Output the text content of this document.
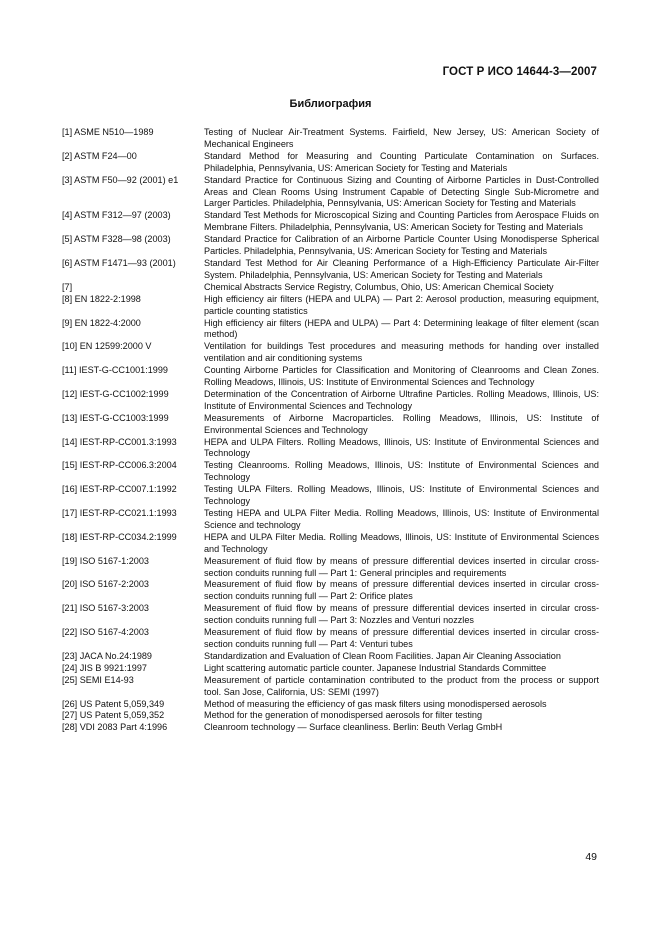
ГОСТ Р ИСО 14644-3—2007
Библиография
[1] ASME N510—1989	Testing of Nuclear Air-Treatment Systems. Fairfield, New Jersey, US: American Society of Mechanical Engineers
[2] ASTM F24—00	Standard Method for Measuring and Counting Particulate Contamination on Surfaces. Philadelphia, Pennsylvania, US: American Society for Testing and Materials
[3] ASTM F50—92 (2001) e1	Standard Practice for Continuous Sizing and Counting of Airborne Particles in Dust-Controlled Areas and Clean Rooms Using Instrument Capable of Detecting Single Sub-Micrometre and Larger Particles. Philadelphia, Pennsylvania, US: American Society for Testing and Materials
[4] ASTM F312—97 (2003)	Standard Test Methods for Microscopical Sizing and Counting Particles from Aerospace Fluids on Membrane Filters. Philadelphia, Pennsylvania, US: American Society for Testing and Materials
[5] ASTM F328—98 (2003)	Standard Practice for Calibration of an Airborne Particle Counter Using Monodisperse Spherical Particles. Philadelphia, Pennsylvania, US: American Society for Testing and Materials
[6] ASTM F1471—93 (2001)	Standard Test Method for Air Cleaning Performance of a High-Efficiency Particulate Air-Filter System. Philadelphia, Pennsylvania, US: American Society for Testing and Materials
[7]	Chemical Abstracts Service Registry, Columbus, Ohio, US: American Chemical Society
[8] EN 1822-2:1998	High efficiency air filters (HEPA and ULPA) — Part 2: Aerosol production, measuring equipment, particle counting statistics
[9] EN 1822-4:2000	High efficiency air filters (HEPA and ULPA) — Part 4: Determining leakage of filter element (scan method)
[10] EN 12599:2000 V	Ventilation for buildings Test procedures and measuring methods for handing over installed ventilation and air conditioning systems
[11] IEST-G-CC1001:1999	Counting Airborne Particles for Classification and Monitoring of Cleanrooms and Clean Zones. Rolling Meadows, Illinois, US: Institute of Environmental Sciences and Technology
[12] IEST-G-CC1002:1999	Determination of the Concentration of Airborne Ultrafine Particles. Rolling Meadows, Illinois, US: Institute of Environmental Sciences and Technology
[13] IEST-G-CC1003:1999	Measurements of Airborne Macroparticles. Rolling Meadows, Illinois, US: Institute of Environmental Sciences and Technology
[14] IEST-RP-CC001.3:1993	HEPA and ULPA Filters. Rolling Meadows, Illinois, US: Institute of Environmental Sciences and Technology
[15] IEST-RP-CC006.3:2004	Testing Cleanrooms. Rolling Meadows, Illinois, US: Institute of Environmental Sciences and Technology
[16] IEST-RP-CC007.1:1992	Testing ULPA Filters. Rolling Meadows, Illinois, US: Institute of Environmental Sciences and Technology
[17] IEST-RP-CC021.1:1993	Testing HEPA and ULPA Filter Media. Rolling Meadows, Illinois, US: Institute of Environmental Science and technology
[18] IEST-RP-CC034.2:1999	HEPA and ULPA Filter Media. Rolling Meadows, Illinois, US: Institute of Environmental Sciences and Technology
[19] ISO 5167-1:2003	Measurement of fluid flow by means of pressure differential devices inserted in circular cross-section conduits running full — Part 1: General principles and requirements
[20] ISO 5167-2:2003	Measurement of fluid flow by means of pressure differential devices inserted in circular cross-section conduits running full — Part 2: Orifice plates
[21] ISO 5167-3:2003	Measurement of fluid flow by means of pressure differential devices inserted in circular cross-section conduits running full — Part 3: Nozzles and Venturi nozzles
[22] ISO 5167-4:2003	Measurement of fluid flow by means of pressure differential devices inserted in circular cross-section conduits running full — Part 4: Venturi tubes
[23] JACA No.24:1989	Standardization and Evaluation of Clean Room Facilities. Japan Air Cleaning Association
[24] JIS B 9921:1997	Light scattering automatic particle counter. Japanese Industrial Standards Committee
[25] SEMI E14-93	Measurement of particle contamination contributed to the product from the process or support tool. San Jose, California, US: SEMI (1997)
[26] US Patent 5,059,349	Method of measuring the efficiency of gas mask filters using monodispersed aerosols
[27] US Patent 5,059,352	Method for the generation of monodispersed aerosols for filter testing
[28] VDI 2083 Part 4:1996	Cleanroom technology — Surface cleanliness. Berlin: Beuth Verlag GmbH
49
